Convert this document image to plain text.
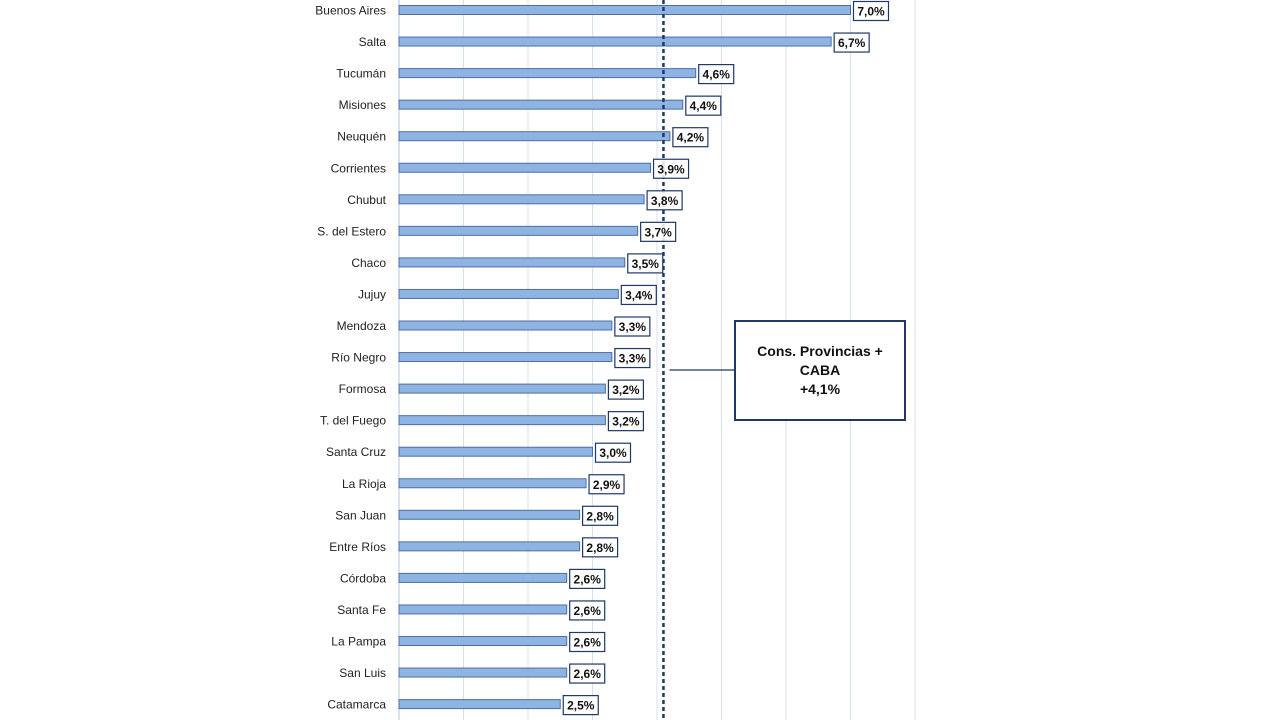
7,0%
6,7%
4,6%
4,4%
4,2%
3,9%
3,8%
3,7%
3,5%
3,4%
3,3%
3,3%
3,2%
3,2%
3,0%
2,9%
2,8%
2,8%
2,6%
2,6%
2,6%
2,6%
2,5%
Buenos Aires
Salta
Tucumán
Misiones
Neuquén
Corrientes
Chubut
S. del Estero
Chaco
Jujuy
Mendoza
Río Negro
Formosa
T. del Fuego
Santa Cruz
La Rioja
San Juan
Entre Ríos
Córdoba
Santa Fe
La Pampa
San Luis
Catamarca
Cons. Provincias +
CABA
+4,1%
